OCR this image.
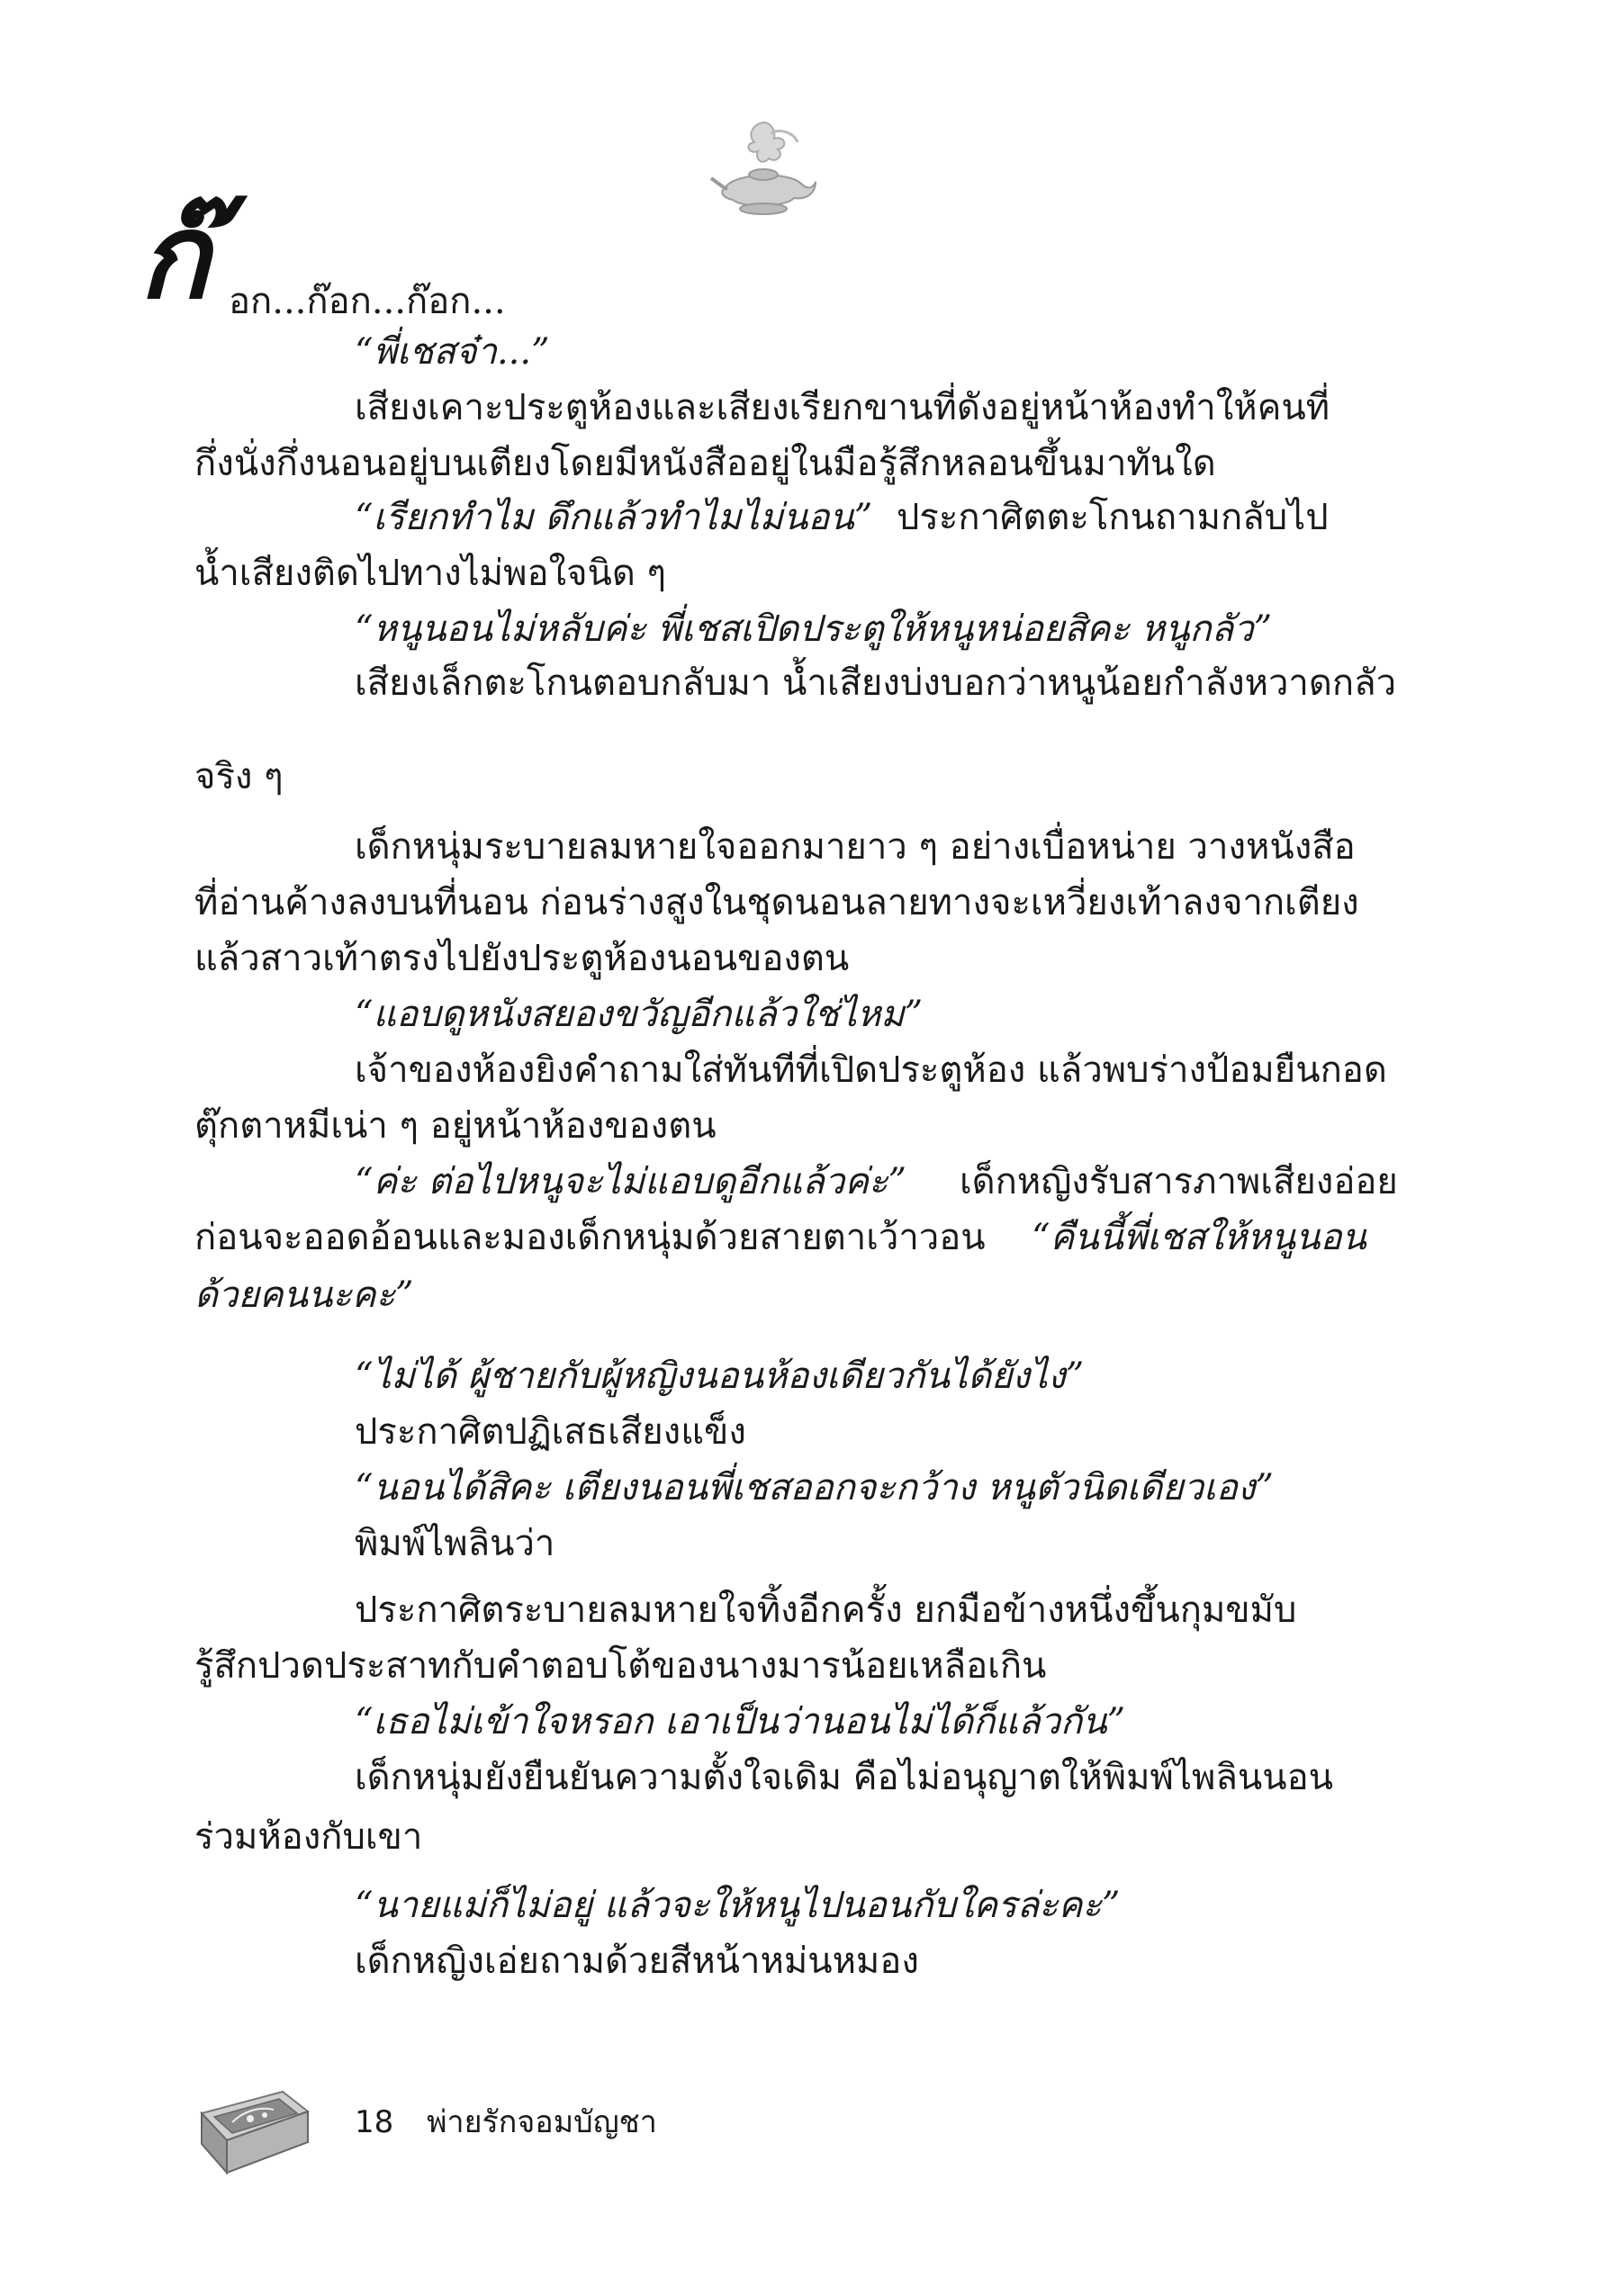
ก๊ อก...ก๊อก...ก๊อก...
“พี่เชสจ๋า...”
เสียงเคาะประตูห้องและเสียงเรียกขานที่ดังอยู่หน้าห้องทำให้คนที่
กึ่งนั่งกึ่งนอนอยู่บนเตียงโดยมีหนังสืออยู่ในมือรู้สึกหลอนขึ้นมาทันใด
“เรียกทำไม ดึกแล้วทำไมไม่นอน” ประกาศิตตะโกนถามกลับไป
น้ำเสียงติดไปทางไม่พอใจนิด ๆ
“หนูนอนไม่หลับค่ะ พี่เชสเปิดประตูให้หนูหน่อยสิคะ หนูกลัว”
เสียงเล็กตะโกนตอบกลับมา น้ำเสียงบ่งบอกว่าหนูน้อยกำลังหวาดกลัว
จริง ๆ
เด็กหนุ่มระบายลมหายใจออกมายาว ๆ อย่างเบื่อหน่าย วางหนังสือ
ที่อ่านค้างลงบนที่นอน ก่อนร่างสูงในชุดนอนลายทางจะเหวี่ยงเท้าลงจากเตียง
แล้วสาวเท้าตรงไปยังประตูห้องนอนของตน
“แอบดูหนังสยองขวัญอีกแล้วใช่ไหม”
เจ้าของห้องยิงคำถามใส่ทันทีที่เปิดประตูห้อง แล้วพบร่างป้อมยืนกอด
ตุ๊กตาหมีเน่า ๆ อยู่หน้าห้องของตน
“ค่ะ ต่อไปหนูจะไม่แอบดูอีกแล้วค่ะ” เด็กหญิงรับสารภาพเสียงอ่อย
ก่อนจะออดอ้อนและมองเด็กหนุ่มด้วยสายตาเว้าวอน “คืนนี้พี่เชสให้หนูนอน
ด้วยคนนะคะ”
“ไม่ได้ ผู้ชายกับผู้หญิงนอนห้องเดียวกันได้ยังไง”
ประกาศิตปฏิเสธเสียงแข็ง
“นอนได้สิคะ เตียงนอนพี่เชสออกจะกว้าง หนูตัวนิดเดียวเอง”
พิมพ์ไพลินว่า
ประกาศิตระบายลมหายใจทิ้งอีกครั้ง ยกมือข้างหนึ่งขึ้นกุมขมับ
รู้สึกปวดประสาทกับคำตอบโต้ของนางมารน้อยเหลือเกิน
“เธอไม่เข้าใจหรอก เอาเป็นว่านอนไม่ได้ก็แล้วกัน”
เด็กหนุ่มยังยืนยันความตั้งใจเดิม คือไม่อนุญาตให้พิมพ์ไพลินนอน
ร่วมห้องกับเขา
“นายแม่ก็ไม่อยู่ แล้วจะให้หนูไปนอนกับใครล่ะคะ”
เด็กหญิงเอ่ยถามด้วยสีหน้าหม่นหมอง
18 พ่ายรักจอมบัญชา
